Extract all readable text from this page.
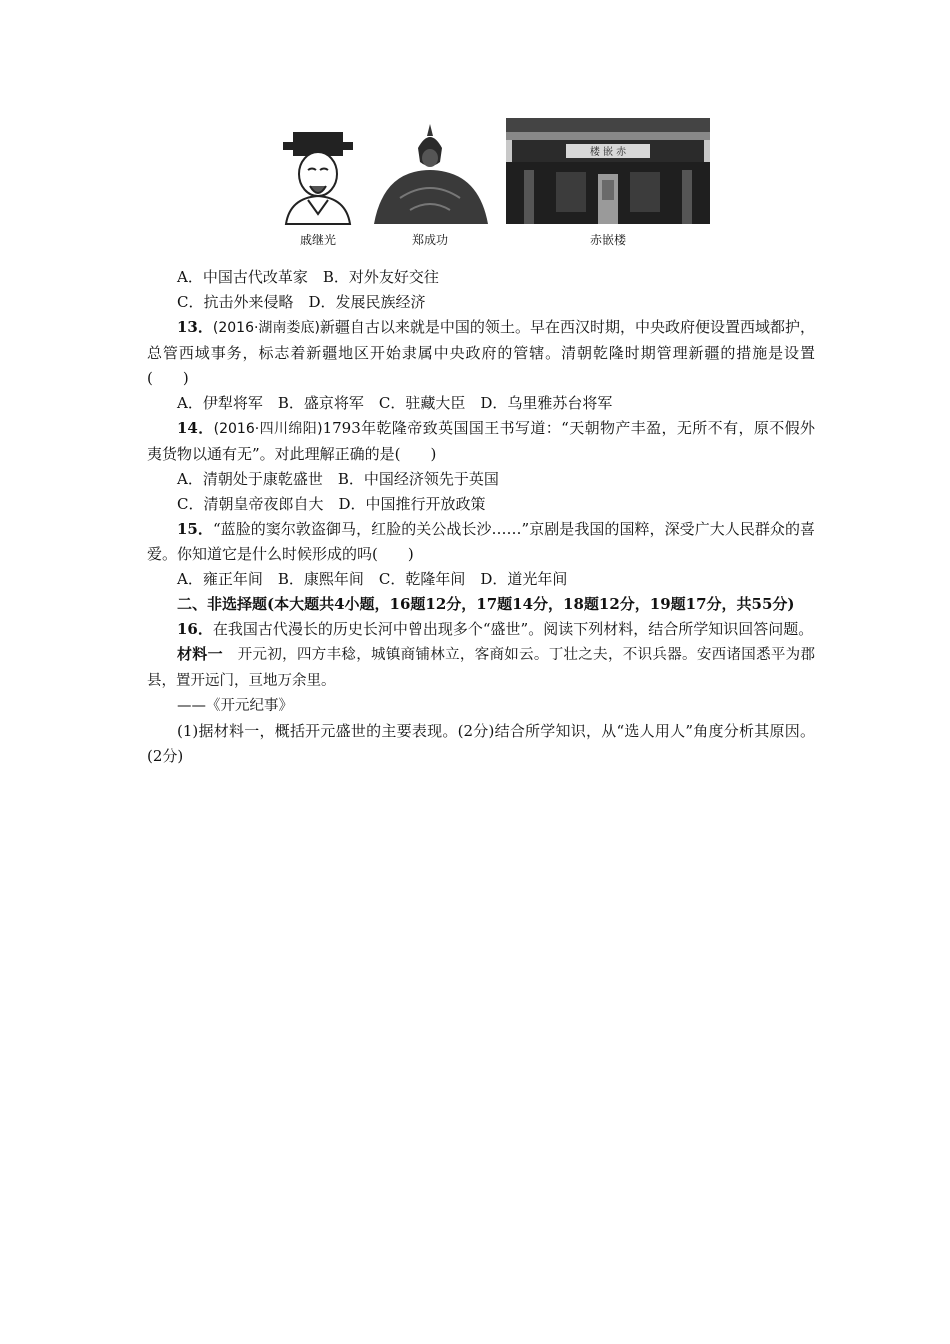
戚继光	郑成功
楼 嵌 赤
赤嵌楼
A．中国古代改革家　B．对外友好交往
C．抗击外来侵略　D．发展民族经济
13．(2016·湖南娄底)新疆自古以来就是中国的领土。早在西汉时期，中央政府便设置西域都护，总管西域事务，标志着新疆地区开始隶属中央政府的管辖。清朝乾隆时期管理新疆的措施是设置(　　)
A．伊犁将军　B．盛京将军　C．驻藏大臣　D．乌里雅苏台将军
14．(2016·四川绵阳)1793年乾隆帝致英国国王书写道：“天朝物产丰盈，无所不有，原不假外夷货物以通有无”。对此理解正确的是(　　)
A．清朝处于康乾盛世　B．中国经济领先于英国
C．清朝皇帝夜郎自大　D．中国推行开放政策
15．“蓝脸的窦尔敦盗御马，红脸的关公战长沙……”京剧是我国的国粹，深受广大人民群众的喜爱。你知道它是什么时候形成的吗(　　)
A．雍正年间　B．康熙年间　C．乾隆年间　D．道光年间
二、非选择题(本大题共4小题，16题12分，17题14分，18题12分，19题17分，共55分)
16．在我国古代漫长的历史长河中曾出现多个“盛世”。阅读下列材料，结合所学知识回答问题。
材料一　开元初，四方丰稔，城镇商铺林立，客商如云。丁壮之夫，不识兵器。安西诸国悉平为郡县，置开远门，亘地万余里。
——《开元纪事》
(1)据材料一，概括开元盛世的主要表现。(2分)结合所学知识，从“选人用人”角度分析其原因。(2分)
